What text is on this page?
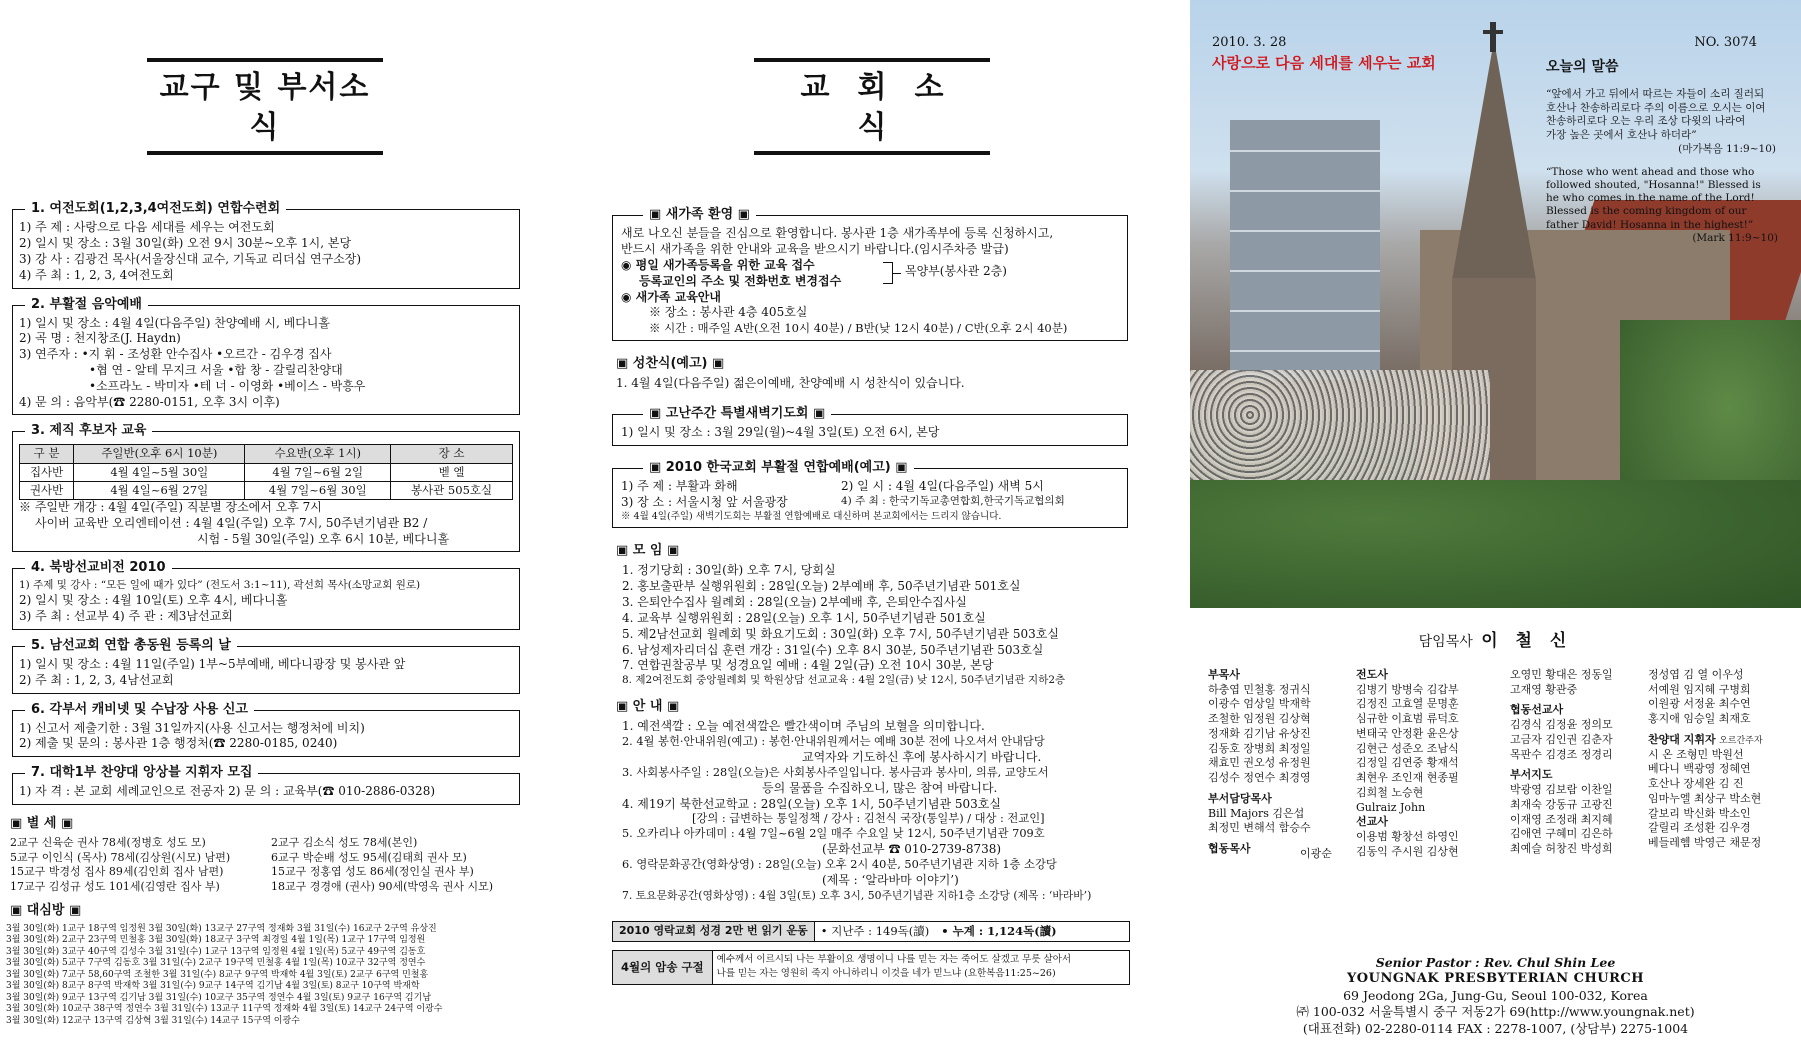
교구 및 부서소식
1. 여전도회(1,2,3,4여전도회) 연합수련회
1) 주 제 : 사랑으로 다음 세대를 세우는 여전도회
2) 일시 및 장소 : 3월 30일(화) 오전 9시 30분~오후 1시, 본당
3) 강 사 : 김광건 목사(서울장신대 교수, 기독교 리더십 연구소장)
4) 주 최 : 1, 2, 3, 4여전도회
2. 부활절 음악예배
1) 일시 및 장소 : 4월 4일(다음주일) 찬양예배 시, 베다니홀
2) 곡 명 : 천지창조(J. Haydn)
3) 연주자 : •지 휘 - 조성환 안수집사 •오르간 - 김우경 집사
•협 연 - 알테 무지크 서울 •합 창 - 갈릴리찬양대
•소프라노 - 박미자 •테 너 - 이영화 •베이스 - 박흥우
4) 문 의 : 음악부(☎ 2280-0151, 오후 3시 이후)
3. 제직 후보자 교육
구 분	주일반(오후 6시 10분)	수요반(오후 1시)	장 소
집사반	4월 4일~5월 30일	4월 7일~6월 2일	벧 엘
권사반	4월 4일~6월 27일	4월 7일~6월 30일	봉사관 505호실
※ 주일반 개강 : 4월 4일(주일) 직분별 장소에서 오후 7시
사이버 교육반 오리엔테이션 : 4월 4일(주일) 오후 7시, 50주년기념관 B2 /
시험 - 5월 30일(주일) 오후 6시 10분, 베다니홀
4. 북방선교비전 2010
1) 주제 및 강사 : “모든 일에 때가 있다” (전도서 3:1~11), 곽선희 목사(소망교회 원로)
2) 일시 및 장소 : 4월 10일(토) 오후 4시, 베다니홀
3) 주 최 : 선교부 4) 주 관 : 제3남선교회
5. 남선교회 연합 총동원 등록의 날
1) 일시 및 장소 : 4월 11일(주일) 1부~5부예배, 베다니광장 및 봉사관 앞
2) 주 최 : 1, 2, 3, 4남선교회
6. 각부서 캐비넷 및 수납장 사용 신고
1) 신고서 제출기한 : 3월 31일까지(사용 신고서는 행정처에 비치)
2) 제출 및 문의 : 봉사관 1층 행정처(☎ 2280-0185, 0240)
7. 대학1부 찬양대 앙상블 지휘자 모집
1) 자 격 : 본 교회 세례교인으로 전공자 2) 문 의 : 교육부(☎ 010-2886-0328)
▣ 별 세 ▣
2교구 신육순 권사 78세(정병호 성도 모)	2교구 김소식 성도 78세(본인)
5교구 이인식 (목사) 78세(김상원(시모) 남편)	6교구 박순배 성도 95세(김태희 권사 모)
15교구 박경성 집사 89세(김인희 집사 남편)	15교구 정홍엽 성도 86세(정인실 권사 부)
17교구 김성규 성도 101세(김영란 집사 부)	18교구 경경애 (권사) 90세(박영옥 권사 시모)
▣ 대심방 ▣
3월 30일(화) 1교구 18구역 임정원 3월 30일(화) 13교구 27구역 정재화 3월 31일(수) 16교구 2구역 유상진
3월 30일(화) 2교구 23구역 민철홍 3월 30일(화) 18교구 3구역 최경일 4월 1일(목) 1교구 17구역 임정원
3월 30일(화) 3교구 40구역 김성수 3월 31일(수) 1교구 13구역 임정원 4월 1일(목) 5교구 49구역 김동호
3월 30일(화) 5교구 7구역 김동호 3월 31일(수) 2교구 19구역 민철홍 4월 1일(목) 10교구 32구역 정연수
3월 30일(화) 7교구 58,60구역 조철한 3월 31일(수) 8교구 9구역 박재학 4월 3일(토) 2교구 6구역 민철홍
3월 30일(화) 8교구 8구역 박재학 3월 31일(수) 9교구 14구역 김기남 4월 3일(토) 8교구 10구역 박재학
3월 30일(화) 9교구 13구역 김기남 3월 31일(수) 10교구 35구역 정연수 4월 3일(토) 9교구 16구역 김기남
3월 30일(화) 10교구 38구역 정연수 3월 31일(수) 13교구 11구역 정재화 4월 3일(토) 14교구 24구역 이광수
3월 30일(화) 12교구 13구역 김상혁 3월 31일(수) 14교구 15구역 이광수
교회소식
▣ 새가족 환영 ▣
새로 나오신 분들을 진심으로 환영합니다. 봉사관 1층 새가족부에 등록 신청하시고,
반드시 새가족을 위한 안내와 교육을 받으시기 바랍니다.(임시주차증 발급)
◉ 평일 새가족등록을 위한 교육 접수
등록교인의 주소 및 전화번호 변경접수
목양부(봉사관 2층)
◉ 새가족 교육안내
※ 장소 : 봉사관 4층 405호실
※ 시간 : 매주일 A반(오전 10시 40분) / B반(낮 12시 40분) / C반(오후 2시 40분)
▣ 성찬식(예고) ▣
1. 4월 4일(다음주일) 젊은이예배, 찬양예배 시 성찬식이 있습니다.
▣ 고난주간 특별새벽기도회 ▣
1) 일시 및 장소 : 3월 29일(월)~4월 3일(토) 오전 6시, 본당
▣ 2010 한국교회 부활절 연합예배(예고) ▣
1) 주 제 : 부활과 화해	2) 일 시 : 4월 4일(다음주일) 새벽 5시
3) 장 소 : 서울시청 앞 서울광장	4) 주 최 : 한국기독교총연합회,한국기독교협의회
※ 4월 4일(주일) 새벽기도회는 부활절 연합예배로 대신하며 본교회에서는 드리지 않습니다.
▣ 모 임 ▣
1. 정기당회 : 30일(화) 오후 7시, 당회실
2. 홍보출판부 실행위원회 : 28일(오늘) 2부예배 후, 50주년기념관 501호실
3. 은퇴안수집사 월례회 : 28일(오늘) 2부예배 후, 은퇴안수집사실
4. 교육부 실행위원회 : 28일(오늘) 오후 1시, 50주년기념관 501호실
5. 제2남선교회 월례회 및 화요기도회 : 30일(화) 오후 7시, 50주년기념관 503호실
6. 남성제자리더십 훈련 개강 : 31일(수) 오후 8시 30분, 50주년기념관 503호실
7. 연합권찰공부 및 성경요일 예배 : 4월 2일(금) 오전 10시 30분, 본당
8. 제2여전도회 중앙월례회 및 학원상담 선교교육 : 4월 2일(금) 낮 12시, 50주년기념관 지하2층
▣ 안 내 ▣
1. 예전색깔 : 오늘 예전색깔은 빨간색이며 주님의 보혈을 의미합니다.
2. 4월 봉헌·안내위원(예고) : 봉헌·안내위원께서는 예배 30분 전에 나오셔서 안내담당
교역자와 기도하신 후에 봉사하시기 바랍니다.
3. 사회봉사주일 : 28일(오늘)은 사회봉사주일입니다. 봉사금과 봉사미, 의류, 교양도서
등의 물품을 수집하오니, 많은 참여 바랍니다.
4. 제19기 북한선교학교 : 28일(오늘) 오후 1시, 50주년기념관 503호실
[강의 : 급변하는 통일정책 / 강사 : 김천식 국장(통일부) / 대상 : 전교인]
5. 오카리나 아카데미 : 4월 7일~6월 2일 매주 수요일 낮 12시, 50주년기념관 709호
(문화선교부 ☎ 010-2739-8738)
6. 영락문화공간(영화상영) : 28일(오늘) 오후 2시 40분, 50주년기념관 지하 1층 소강당
(제목 : ‘알라바마 이야기’)
7. 토요문화공간(영화상영) : 4월 3일(토) 오후 3시, 50주년기념관 지하1층 소강당 (제목 : ‘바라바’)
2010 영락교회 성경 2만 번 읽기 운동	• 지난주 : 149독(讀)	• 누계 : 1,124독(讀)
4월의 암송 구절
예수께서 이르시되 나는 부활이요 생명이니 나를 믿는 자는 죽어도 살겠고 무릇 살아서
나를 믿는 자는 영원히 죽지 아니하리니 이것을 네가 믿느냐 (요한복음11:25~26)
2010. 3. 28	NO. 3074
사랑으로 다음 세대를 세우는 교회	오늘의 말씀
“앞에서 가고 뒤에서 따르는 자들이 소리 질러되
호산나 찬송하리로다 주의 이름으로 오시는 이여
찬송하리로다 오는 우리 조상 다윗의 나라여
가장 높은 곳에서 호산나 하더라”
(마가복음 11:9~10)
“Those who went ahead and those who
followed shouted, "Hosanna!" Blessed is
he who comes in the name of the Lord!
Blessed is the coming kingdom of our
father David! Hosanna in the highest!”
(Mark 11:9~10)
담임목사 이 철 신
부목사
하충엽 민철홍 정귀식
이광수 엄상일 박재학
조철한 임정원 김상혁
정재화 김기남 유상진
김동호 장병희 최정일
채효민 권오성 유정원
김성수 정연수 최경영
부서담당목사
Bill Majors 김은섭
최정민 변해석 함승수
협동목사
전도사
김병기 방병숙 김갑부
김정진 고효열 문명훈
심규한 이효범 류덕호
변태국 안정환 윤은상
김현근 성준오 조남식
김정일 김연중 황재석
최현우 조인재 현종필
김희철 노승현
Gulraiz John
선교사
이용범 황창선 하영인
김동익 주시원 김상현
이광순
오영민 황대은 정동일
고재영 황관중
협동선교사
김경식 김정윤 정의모
고금자 김인권 김춘자
목판수 김경조 정경리
부서지도
박광영 김보람 이찬일
최재숙 강동규 고광진
이재영 조정래 최지혜
김애연 구혜미 김은하
최예슬 허창진 박성희
정성엽 김 열 이우성
서예원 임지혜 구병희
이원광 서정윤 최수연
홍지애 임승일 최재호
찬양대 지휘자 오르간주자
시 온 조형민 박원선
베다니 백광영 정혜연
호산나 장세완 김 진
임마누엘 최상구 박소현
갈보리 박신화 박소인
갈릴리 조성환 김우경
베들레헴 박영근 채문정
Senior Pastor : Rev. Chul Shin Lee
YOUNGNAK PRESBYTERIAN CHURCH
69 Jeodong 2Ga, Jung-Gu, Seoul 100-032, Korea
㈜ 100-032 서울특별시 중구 저동2가 69(http://www.youngnak.net)
(대표전화) 02-2280-0114 FAX : 2278-1007, (상담부) 2275-1004
